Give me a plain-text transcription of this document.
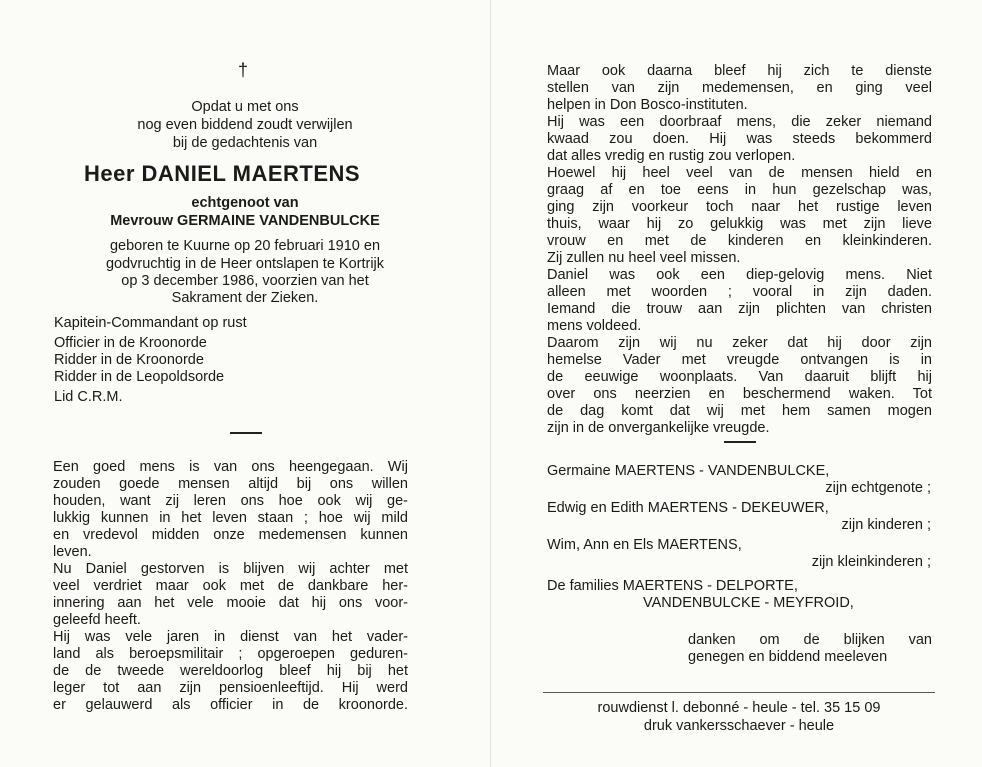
†
Opdat u met ons
nog even biddend zoudt verwijlen
bij de gedachtenis van
Heer DANIEL MAERTENS
echtgenoot van
Mevrouw GERMAINE VANDENBULCKE
geboren te Kuurne op 20 februari 1910 en
godvruchtig in de Heer ontslapen te Kortrijk
op 3 december 1986, voorzien van het
Sakrament der Zieken.
Kapitein-Commandant op rust
Officier in de Kroonorde
Ridder in de Kroonorde
Ridder in de Leopoldsorde
Lid C.R.M.
Een goed mens is van ons heengegaan. Wij
zouden goede mensen altijd bij ons willen
houden, want zij leren ons hoe ook wij ge-
lukkig kunnen in het leven staan ; hoe wij mild
en vredevol midden onze medemensen kunnen
leven.
Nu Daniel gestorven is blijven wij achter met
veel verdriet maar ook met de dankbare her-
innering aan het vele mooie dat hij ons voor-
geleefd heeft.
Hij was vele jaren in dienst van het vader-
land als beroepsmilitair ; opgeroepen geduren-
de de tweede wereldoorlog bleef hij bij het
leger tot aan zijn pensioenleeftijd. Hij werd
er gelauwerd als officier in de kroonorde.
Maar ook daarna bleef hij zich te dienste
stellen van zijn medemensen, en ging veel
helpen in Don Bosco-instituten.
Hij was een doorbraaf mens, die zeker niemand
kwaad zou doen. Hij was steeds bekommerd
dat alles vredig en rustig zou verlopen.
Hoewel hij heel veel van de mensen hield en
graag af en toe eens in hun gezelschap was,
ging zijn voorkeur toch naar het rustige leven
thuis, waar hij zo gelukkig was met zijn lieve
vrouw en met de kinderen en kleinkinderen.
Zij zullen nu heel veel missen.
Daniel was ook een diep-gelovig mens. Niet
alleen met woorden ; vooral in zijn daden.
Iemand die trouw aan zijn plichten van christen
mens voldeed.
Daarom zijn wij nu zeker dat hij door zijn
hemelse Vader met vreugde ontvangen is in
de eeuwige woonplaats. Van daaruit blijft hij
over ons neerzien en beschermend waken. Tot
de dag komt dat wij met hem samen mogen
zijn in de onvergankelijke vreugde.
Germaine MAERTENS - VANDENBULCKE,
zijn echtgenote ;
Edwig en Edith MAERTENS - DEKEUWER,
zijn kinderen ;
Wim, Ann en Els MAERTENS,
zijn kleinkinderen ;
De families MAERTENS - DELPORTE,
VANDENBULCKE - MEYFROID,
danken om de blijken van
genegen en biddend meeleven
rouwdienst l. debonné - heule - tel. 35 15 09
druk vankersschaever - heule
